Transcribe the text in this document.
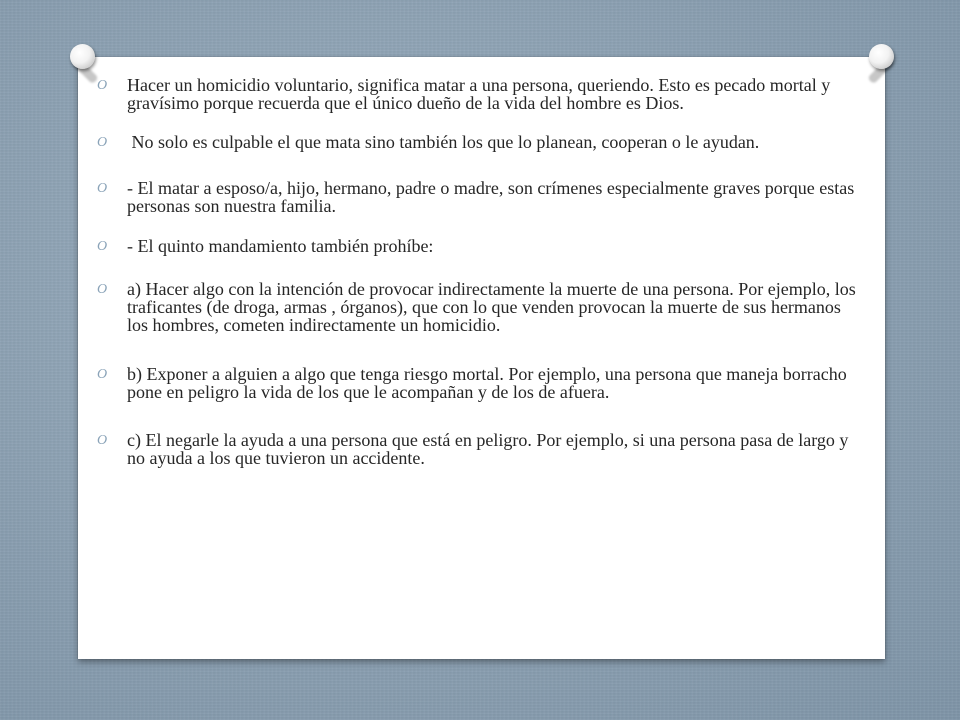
O Hacer un homicidio voluntario, significa matar a una persona, queriendo. Esto es pecado mortal y gravísimo porque recuerda que el único dueño de la vida del hombre es Dios.
O No solo es culpable el que mata sino también los que lo planean, cooperan o le ayudan.
O - El matar a esposo/a, hijo, hermano, padre o madre, son crímenes especialmente graves porque estas personas son nuestra familia.
O - El quinto mandamiento también prohíbe:
O a) Hacer algo con la intención de provocar indirectamente la muerte de una persona. Por ejemplo, los traficantes (de droga, armas , órganos), que con lo que venden provocan la muerte de sus hermanos los hombres, cometen indirectamente un homicidio.
O b) Exponer a alguien a algo que tenga riesgo mortal. Por ejemplo, una persona que maneja borracho pone en peligro la vida de los que le acompañan y de los de afuera.
O c) El negarle la ayuda a una persona que está en peligro. Por ejemplo, si una persona pasa de largo y no ayuda a los que tuvieron un accidente.
